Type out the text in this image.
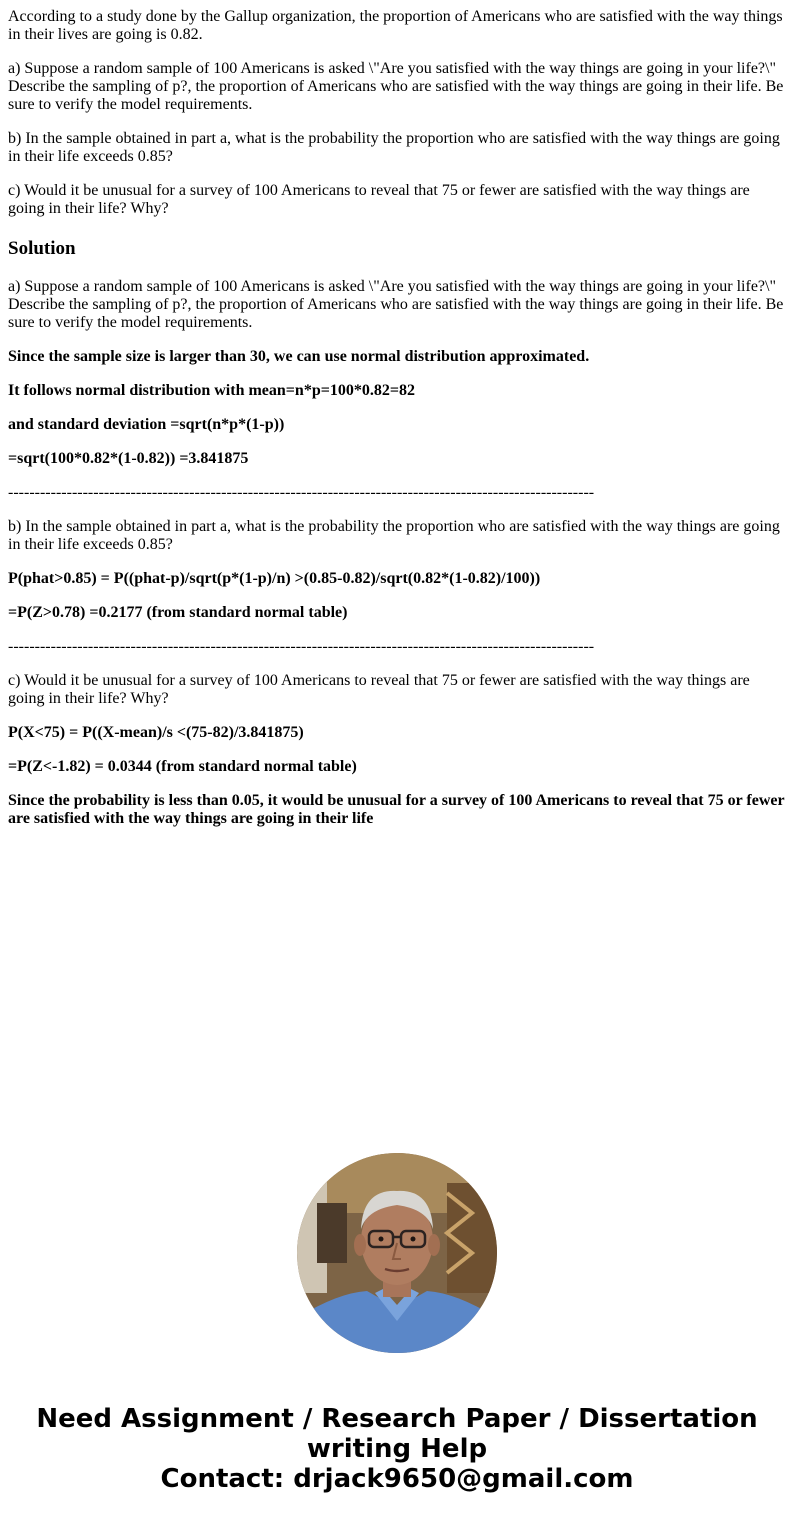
According to a study done by the Gallup organization, the proportion of Americans who are satisfied with the way things in their lives are going is 0.82.

a) Suppose a random sample of 100 Americans is asked \"Are you satisfied with the way things are going in your life?\" Describe the sampling of p?, the proportion of Americans who are satisfied with the way things are going in their life. Be sure to verify the model requirements.

b) In the sample obtained in part a, what is the probability the proportion who are satisfied with the way things are going in their life exceeds 0.85?

c) Would it be unusual for a survey of 100 Americans to reveal that 75 or fewer are satisfied with the way things are going in their life? Why?

Solution

a) Suppose a random sample of 100 Americans is asked \"Are you satisfied with the way things are going in your life?\" Describe the sampling of p?, the proportion of Americans who are satisfied with the way things are going in their life. Be sure to verify the model requirements.

Since the sample size is larger than 30, we can use normal distribution approximated.

It follows normal distribution with mean=n*p=100*0.82=82

and standard deviation =sqrt(n*p*(1-p))

=sqrt(100*0.82*(1-0.82)) =3.841875

--------------------------------------------------------------------------------------------------------------

b) In the sample obtained in part a, what is the probability the proportion who are satisfied with the way things are going in their life exceeds 0.85?

P(phat>0.85) = P((phat-p)/sqrt(p*(1-p)/n) >(0.85-0.82)/sqrt(0.82*(1-0.82)/100))

=P(Z>0.78) =0.2177 (from standard normal table)

--------------------------------------------------------------------------------------------------------------

c) Would it be unusual for a survey of 100 Americans to reveal that 75 or fewer are satisfied with the way things are going in their life? Why?

P(X<75) = P((X-mean)/s <(75-82)/3.841875)

=P(Z<-1.82) = 0.0344 (from standard normal table)

Since the probability is less than 0.05, it would be unusual for a survey of 100 Americans to reveal that 75 or fewer are satisfied with the way things are going in their life

Need Assignment / Research Paper / Dissertation
writing Help
Contact: drjack9650@gmail.com
